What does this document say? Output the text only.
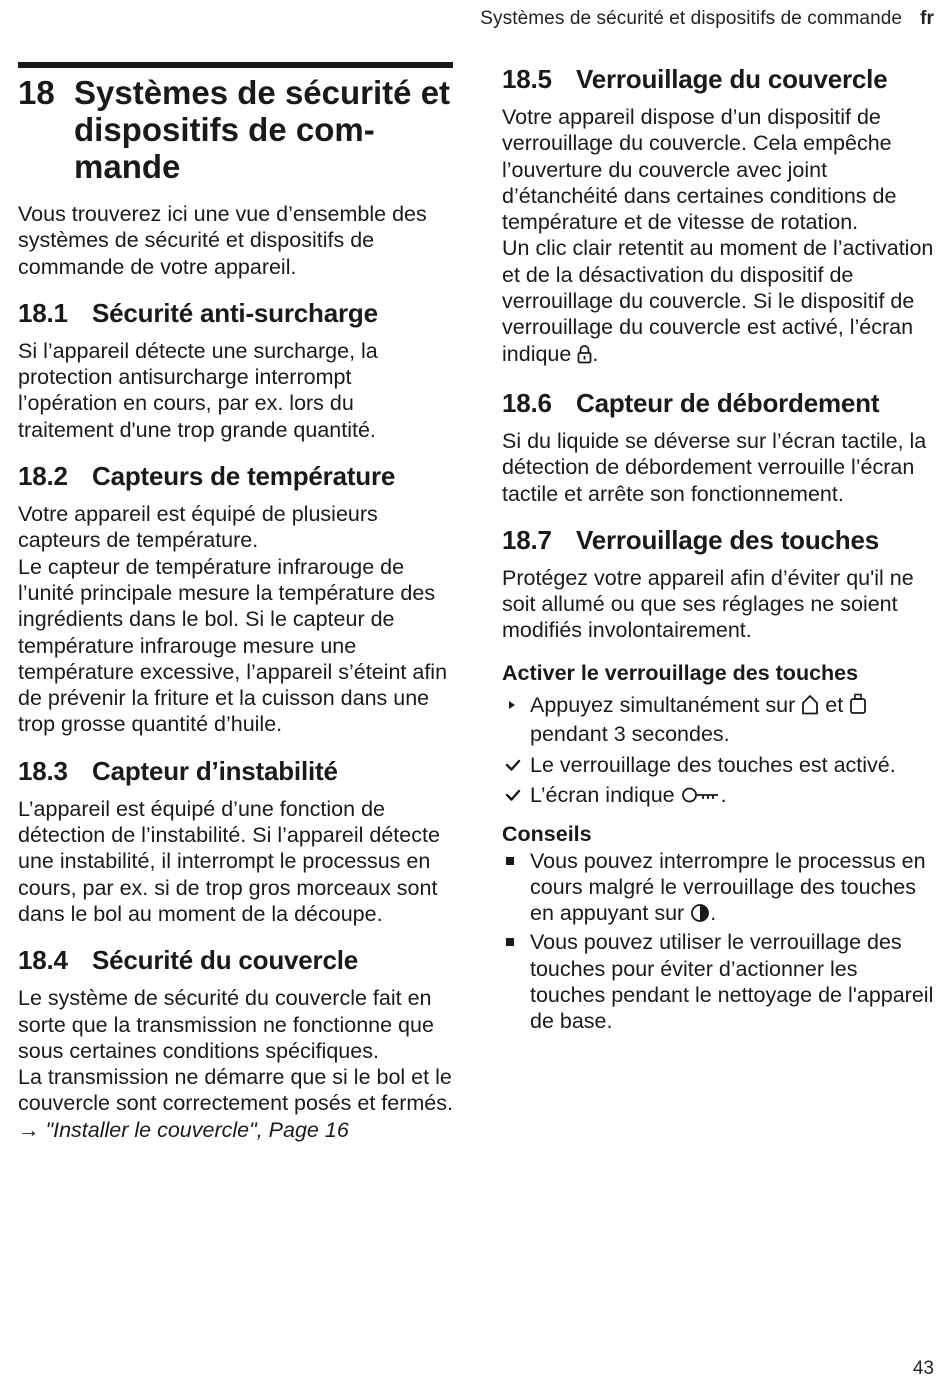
Systèmes de sécurité et dispositifs de commande fr
18 Systèmes de sécurité et dispositifs de commande

Vous trouverez ici une vue d’ensemble des systèmes de sécurité et dispositifs de commande de votre appareil.

18.1 Sécurité anti-surcharge

Si l’appareil détecte une surcharge, la protection antisurcharge interrompt l’opération en cours, par ex. lors du traitement d'une trop grande quantité.

18.2 Capteurs de température

Votre appareil est équipé de plusieurs capteurs de température.

Le capteur de température infrarouge de l’unité principale mesure la température des ingrédients dans le bol. Si le capteur de température infrarouge mesure une température excessive, l’appareil s’éteint afin de prévenir la friture et la cuisson dans une trop grosse quantité d’huile.

18.3 Capteur d’instabilité

L’appareil est équipé d’une fonction de détection de l’instabilité. Si l’appareil détecte une instabilité, il interrompt le processus en cours, par ex. si de trop gros morceaux sont dans le bol au moment de la découpe.

18.4 Sécurité du couvercle

Le système de sécurité du couvercle fait en sorte que la transmission ne fonctionne que sous certaines conditions spécifiques.

La transmission ne démarre que si le bol et le couvercle sont correctement posés et fermés.

→ "Installer le couvercle", Page 16

18.5 Verrouillage du couvercle

Votre appareil dispose d’un dispositif de verrouillage du couvercle. Cela empêche l’ouverture du couvercle avec joint d’étanchéité dans certaines conditions de température et de vitesse de rotation.

Un clic clair retentit au moment de l’activation et de la désactivation du dispositif de verrouillage du couvercle. Si le dispositif de verrouillage du couvercle est activé, l’écran indique .

18.6 Capteur de débordement

Si du liquide se déverse sur l’écran tactile, la détection de débordement verrouille l’écran tactile et arrête son fonctionnement.

18.7 Verrouillage des touches

Protégez votre appareil afin d’éviter qu'il ne soit allumé ou que ses réglages ne soient modifiés involontairement.

Activer le verrouillage des touches
Appuyez simultanément sur et  pendant 3 secondes.
Le verrouillage des touches est activé.
L’écran indique .
Conseils
Vous pouvez interrompre le processus en cours malgré le verrouillage des touches en appuyant sur .
Vous pouvez utiliser le verrouillage des touches pour éviter d’actionner les touches pendant le nettoyage de l'appareil de base.
43
